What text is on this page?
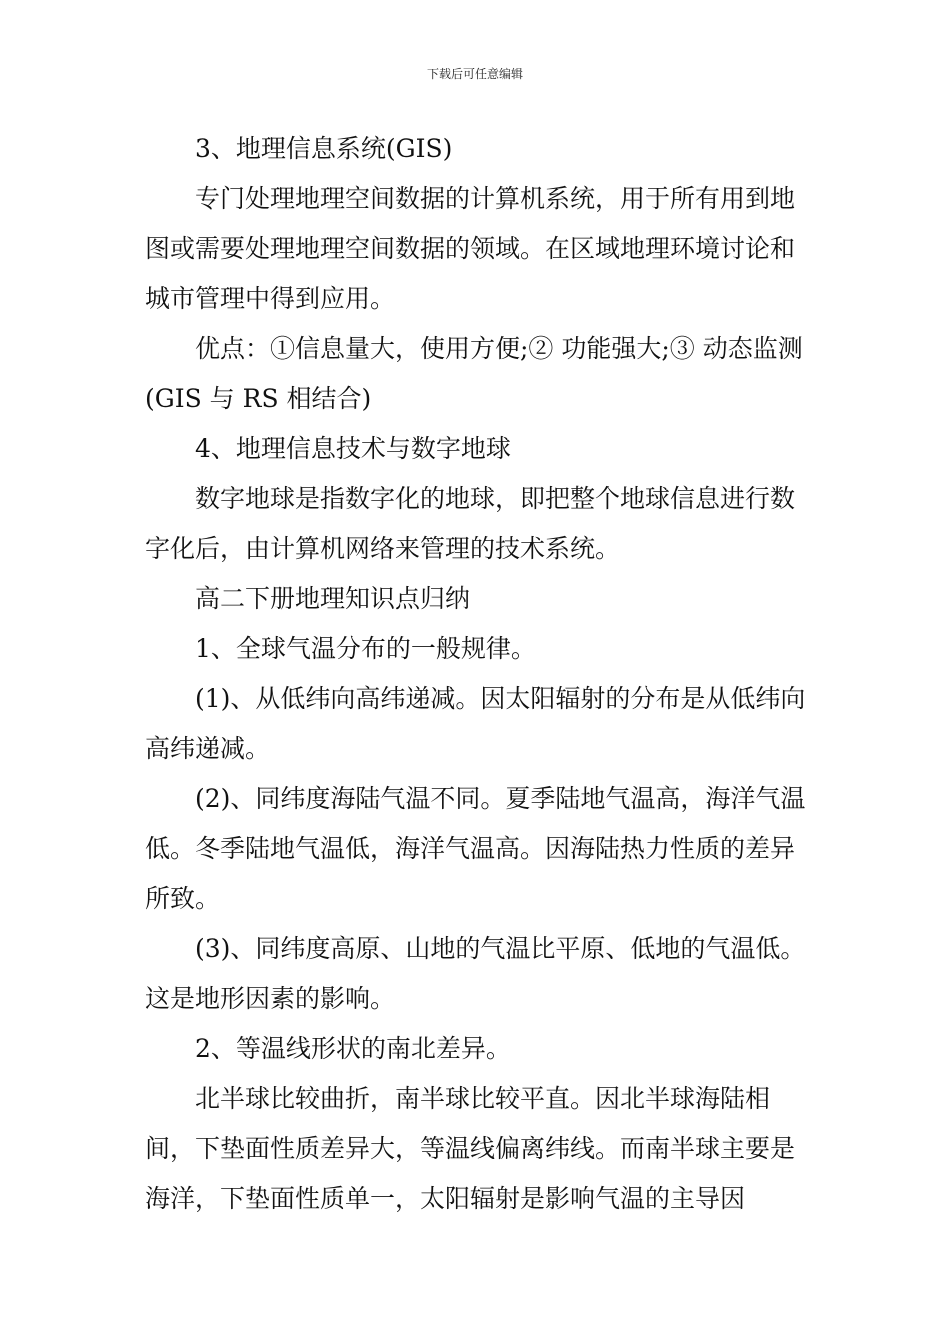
下载后可任意编辑

3、地理信息系统(GIS)

专门处理地理空间数据的计算机系统，用于所有用到地图或需要处理地理空间数据的领域。在区域地理环境讨论和城市管理中得到应用。

优点：①信息量大，使用方便;② 功能强大;③ 动态监测(GIS 与 RS 相结合)

4、地理信息技术与数字地球

数字地球是指数字化的地球，即把整个地球信息进行数字化后，由计算机网络来管理的技术系统。

高二下册地理知识点归纳

1、全球气温分布的一般规律。

(1)、从低纬向高纬递减。因太阳辐射的分布是从低纬向高纬递减。

(2)、同纬度海陆气温不同。夏季陆地气温高，海洋气温低。冬季陆地气温低，海洋气温高。因海陆热力性质的差异所致。

(3)、同纬度高原、山地的气温比平原、低地的气温低。这是地形因素的影响。

2、等温线形状的南北差异。

北半球比较曲折，南半球比较平直。因北半球海陆相间，下垫面性质差异大，等温线偏离纬线。而南半球主要是海洋，下垫面性质单一，太阳辐射是影响气温的主导因
